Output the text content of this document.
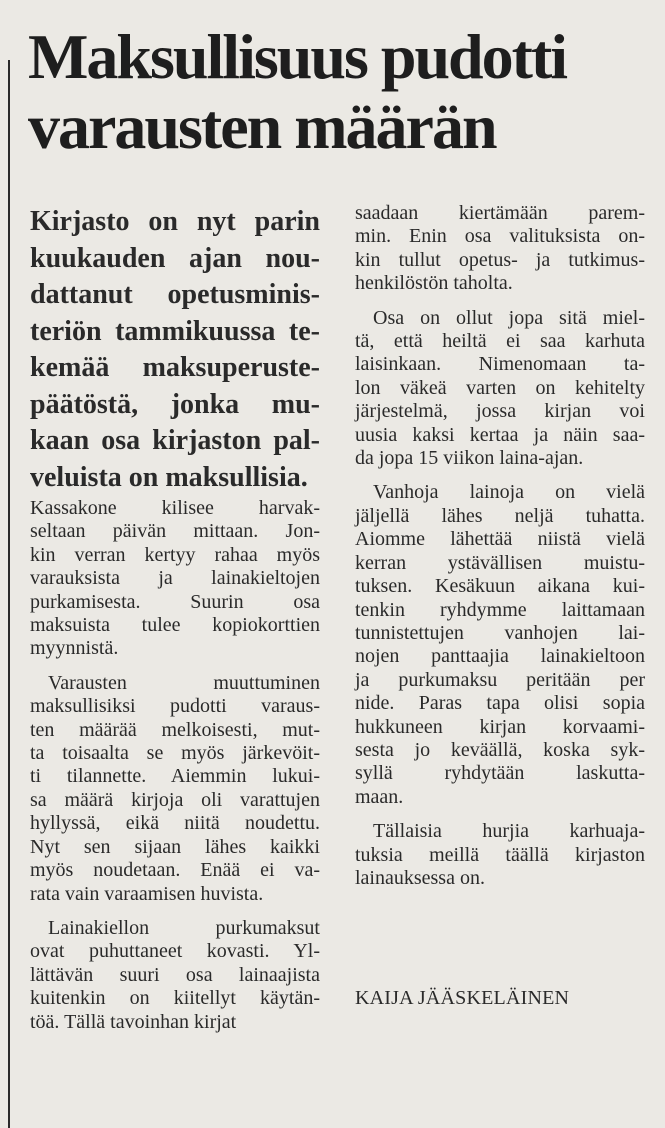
Maksullisuus pudotti
varausten määrän
Kirjasto on nyt parin
kuukauden ajan nou-
dattanut opetusminis-
teriön tammikuussa te-
kemää maksuperuste-
päätöstä, jonka mu-
kaan osa kirjaston pal-
veluista on maksullisia.
Kassakone kilisee harvak-
seltaan päivän mittaan. Jon-
kin verran kertyy rahaa myös
varauksista ja lainakieltojen
purkamisesta. Suurin osa
maksuista tulee kopiokorttien
myynnistä.
Varausten muuttuminen
maksullisiksi pudotti varaus-
ten määrää melkoisesti, mut-
ta toisaalta se myös järkevöit-
ti tilannette. Aiemmin lukui-
sa määrä kirjoja oli varattujen
hyllyssä, eikä niitä noudettu.
Nyt sen sijaan lähes kaikki
myös noudetaan. Enää ei va-
rata vain varaamisen huvista.
Lainakiellon purkumaksut
ovat puhuttaneet kovasti. Yl-
lättävän suuri osa lainaajista
kuitenkin on kiitellyt käytän-
töä. Tällä tavoinhan kirjat
saadaan kiertämään parem-
min. Enin osa valituksista on-
kin tullut opetus- ja tutkimus-
henkilöstön taholta.
Osa on ollut jopa sitä miel-
tä, että heiltä ei saa karhuta
laisinkaan. Nimenomaan ta-
lon väkeä varten on kehitelty
järjestelmä, jossa kirjan voi
uusia kaksi kertaa ja näin saa-
da jopa 15 viikon laina-ajan.
Vanhoja lainoja on vielä
jäljellä lähes neljä tuhatta.
Aiomme lähettää niistä vielä
kerran ystävällisen muistu-
tuksen. Kesäkuun aikana kui-
tenkin ryhdymme laittamaan
tunnistettujen vanhojen lai-
nojen panttaajia lainakieltoon
ja purkumaksu peritään per
nide. Paras tapa olisi sopia
hukkuneen kirjan korvaami-
sesta jo keväällä, koska syk-
syllä ryhdytään laskutta-
maan.
Tällaisia hurjia karhuaja-
tuksia meillä täällä kirjaston
lainauksessa on.
KAIJA JÄÄSKELÄINEN
